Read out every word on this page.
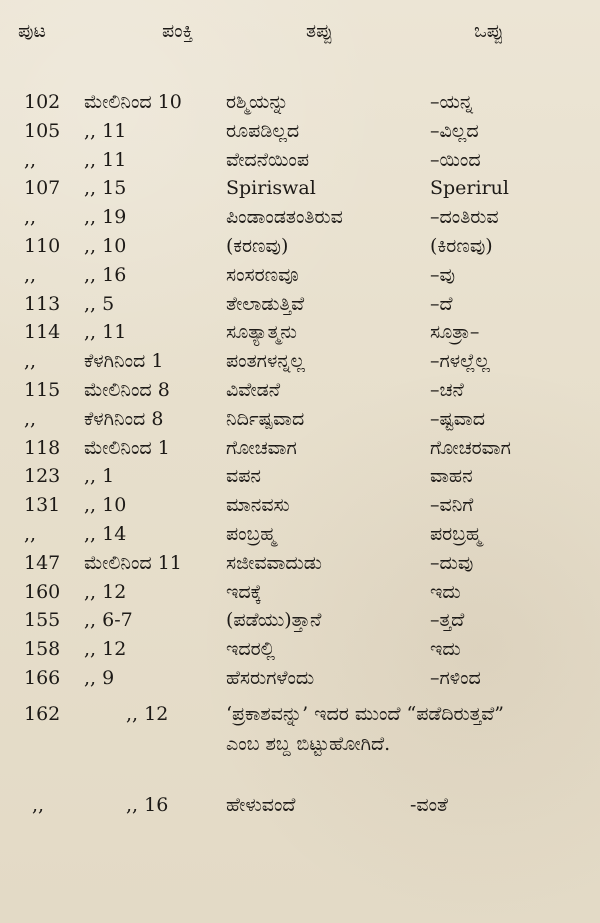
ಪುಟ	ಪಂಕ್ತಿ	ತಪ್ಪು	ಒಪ್ಪು
102	ಮೇಲಿನಿಂದ 10	ರಶ್ಮಿಯನ್ನು	–ಯನ್ನ
105	,, 11	ರೂಪಡಿಲ್ಲದ	–ವಿಲ್ಲದ
,,	,, 11	ವೇದನೆಯಿಂಪ	–ಯಿಂದ
107	,, 15	Spiriswal	Sperirul
,,	,, 19	ಪಿಂಡಾಂಡತಂತಿರುವ	–ದಂತಿರುವ
110	,, 10	(ಕರಣವು)	(ಕಿರಣವು)
,,	,, 16	ಸಂಸರಣವೂ	–ವು
113	,, 5	ತೇಲಾಡುತ್ತಿವೆ	–ದೆ
114	,, 11	ಸೂತ್ಯಾತ್ಮನು	ಸೂತ್ರಾ–
,,	ಕೆಳಗಿನಿಂದ 1	ಪಂತಗಳನ್ನಲ್ಲ	–ಗಳಲ್ಲೆಲ್ಲ
115	ಮೇಲಿನಿಂದ 8	ವಿವೇಡನೆ	–ಚನೆ
,,	ಕೆಳಗಿನಿಂದ 8	ನಿರ್ದಿಷ್ಪವಾದ	–ಷ್ಟವಾದ
118	ಮೇಲಿನಿಂದ 1	ಗೋಚವಾಗ	ಗೋಚರವಾಗ
123	,, 1	ವಪನ	ವಾಹನ
131	,, 10	ಮಾನವಸು	–ವನಿಗೆ
,,	,, 14	ಪಂಬ್ರಹ್ಮ	ಪರಬ್ರಹ್ಮ
147	ಮೇಲಿನಿಂದ 11	ಸಜೀವವಾದುಡು	–ದುವು
160	,, 12	ಇದಕ್ಕೆ	ಇದು
155	,, 6-7	(ಪಡೆಯು)ತ್ತಾನೆ	–ತ್ತದೆ
158	,, 12	ಇದರಲ್ಲಿ	ಇದು
166	,, 9	ಹೆಸರುಗಳೆಂದು	–ಗಳಿಂದ
162	,, 12	‘ಪ್ರಕಾಶವನ್ನು’ ಇದರ ಮುಂದೆ “ಪಡೆದಿರುತ್ತವೆ”
ಎಂಬ ಶಬ್ದ ಬಿಟ್ಟುಹೋಗಿದೆ.
,,	,, 16	ಹೇಳುವಂದೆ	-ವಂತೆ
